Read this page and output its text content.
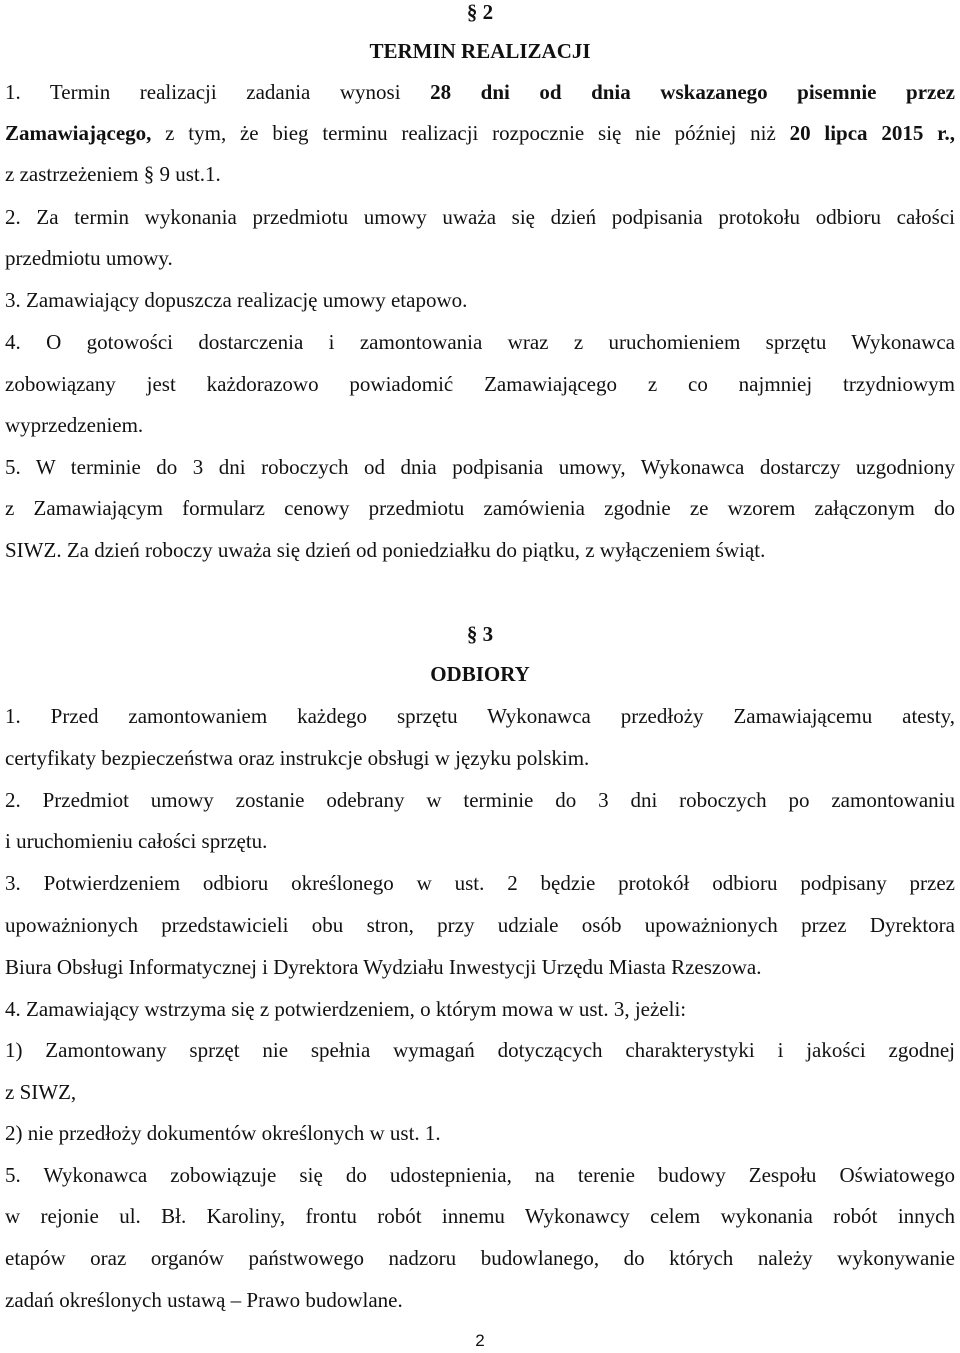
§ 2
TERMIN REALIZACJI
1. Termin realizacji zadania wynosi 28 dni od dnia wskazanego pisemnie przez
Zamawiającego, z tym, że bieg terminu realizacji rozpocznie się nie później niż 20 lipca 2015 r.,
z zastrzeżeniem § 9 ust.1.
2. Za termin wykonania przedmiotu umowy uważa się dzień podpisania protokołu odbioru całości
przedmiotu umowy.
3. Zamawiający dopuszcza realizację umowy etapowo.
4. O gotowości dostarczenia i zamontowania wraz z uruchomieniem sprzętu Wykonawca
zobowiązany jest każdorazowo powiadomić Zamawiającego z co najmniej trzydniowym
wyprzedzeniem.
5. W terminie do 3 dni roboczych od dnia podpisania umowy, Wykonawca dostarczy uzgodniony
z Zamawiającym formularz cenowy przedmiotu zamówienia zgodnie ze wzorem załączonym do
SIWZ. Za dzień roboczy uważa się dzień od poniedziałku do piątku, z wyłączeniem świąt.
§ 3
ODBIORY
1. Przed zamontowaniem każdego sprzętu Wykonawca przedłoży Zamawiającemu atesty,
certyfikaty bezpieczeństwa oraz instrukcje obsługi w języku polskim.
2. Przedmiot umowy zostanie odebrany w terminie do 3 dni roboczych po zamontowaniu
i uruchomieniu całości sprzętu.
3. Potwierdzeniem odbioru określonego w ust. 2 będzie protokół odbioru podpisany przez
upoważnionych przedstawicieli obu stron, przy udziale osób upoważnionych przez Dyrektora
Biura Obsługi Informatycznej i Dyrektora Wydziału Inwestycji Urzędu Miasta Rzeszowa.
4. Zamawiający wstrzyma się z potwierdzeniem, o którym mowa w ust. 3, jeżeli:
1) Zamontowany sprzęt nie spełnia wymagań dotyczących charakterystyki i jakości zgodnej
z SIWZ,
2) nie przedłoży dokumentów określonych w ust. 1.
5. Wykonawca zobowiązuje się do udostepnienia, na terenie budowy Zespołu Oświatowego
w rejonie ul. Bł. Karoliny, frontu robót innemu Wykonawcy celem wykonania robót innych
etapów oraz organów państwowego nadzoru budowlanego, do których należy wykonywanie
zadań określonych ustawą – Prawo budowlane.
2
